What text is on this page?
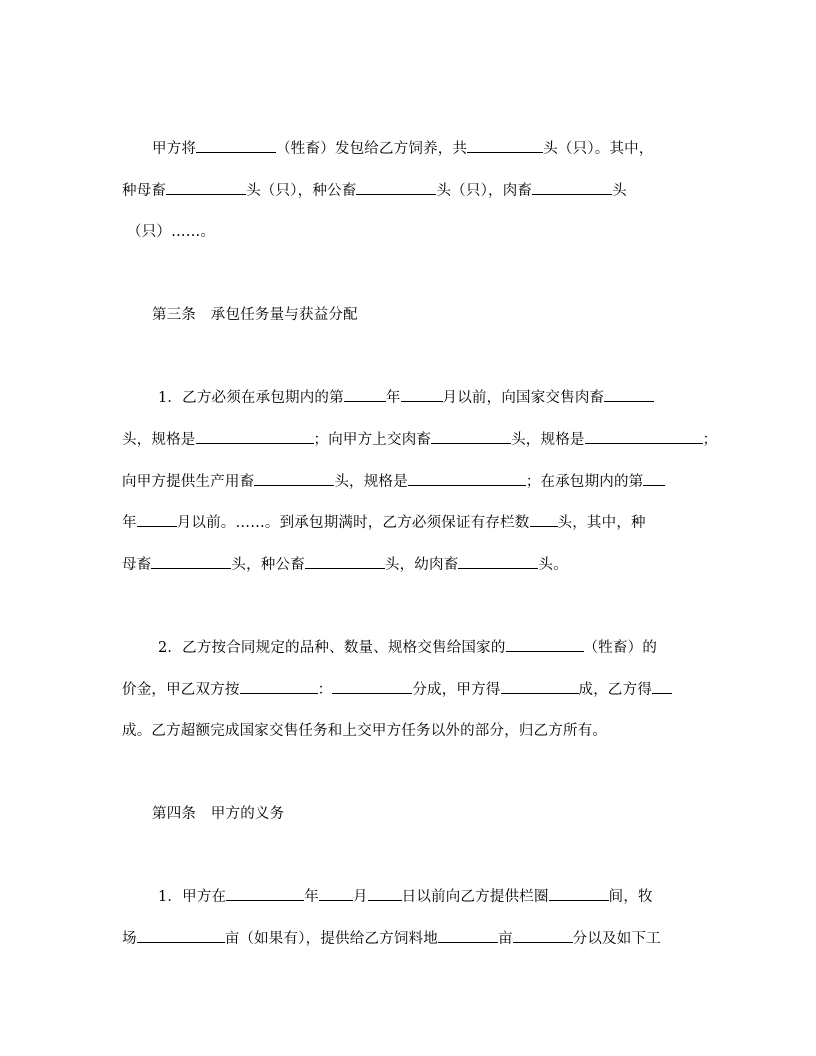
甲方将	（牲畜）发包给乙方饲养，共	头（只）。其中，
种母畜	头（只），种公畜	头（只），肉畜	头
（只）……。
第三条　承包任务量与获益分配
1．乙方必须在承包期内的第	年	月以前，向国家交售肉畜
头，规格是	；向甲方上交肉畜	头，规格是	；
向甲方提供生产用畜	头，规格是	；在承包期内的第
年	月以前。……。到承包期满时，乙方必须保证有存栏数 头，其中，种
母畜	头，种公畜	头，幼肉畜	头。
2．乙方按合同规定的品种、数量、规格交售给国家的	（牲畜）的
价金，甲乙双方按	：	分成，甲方得	成，乙方得
成。乙方超额完成国家交售任务和上交甲方任务以外的部分，归乙方所有。
第四条　甲方的义务
1．甲方在	年 月 日以前向乙方提供栏圈	间，牧
场	亩（如果有），提供给乙方饲料地	亩	分以及如下工
